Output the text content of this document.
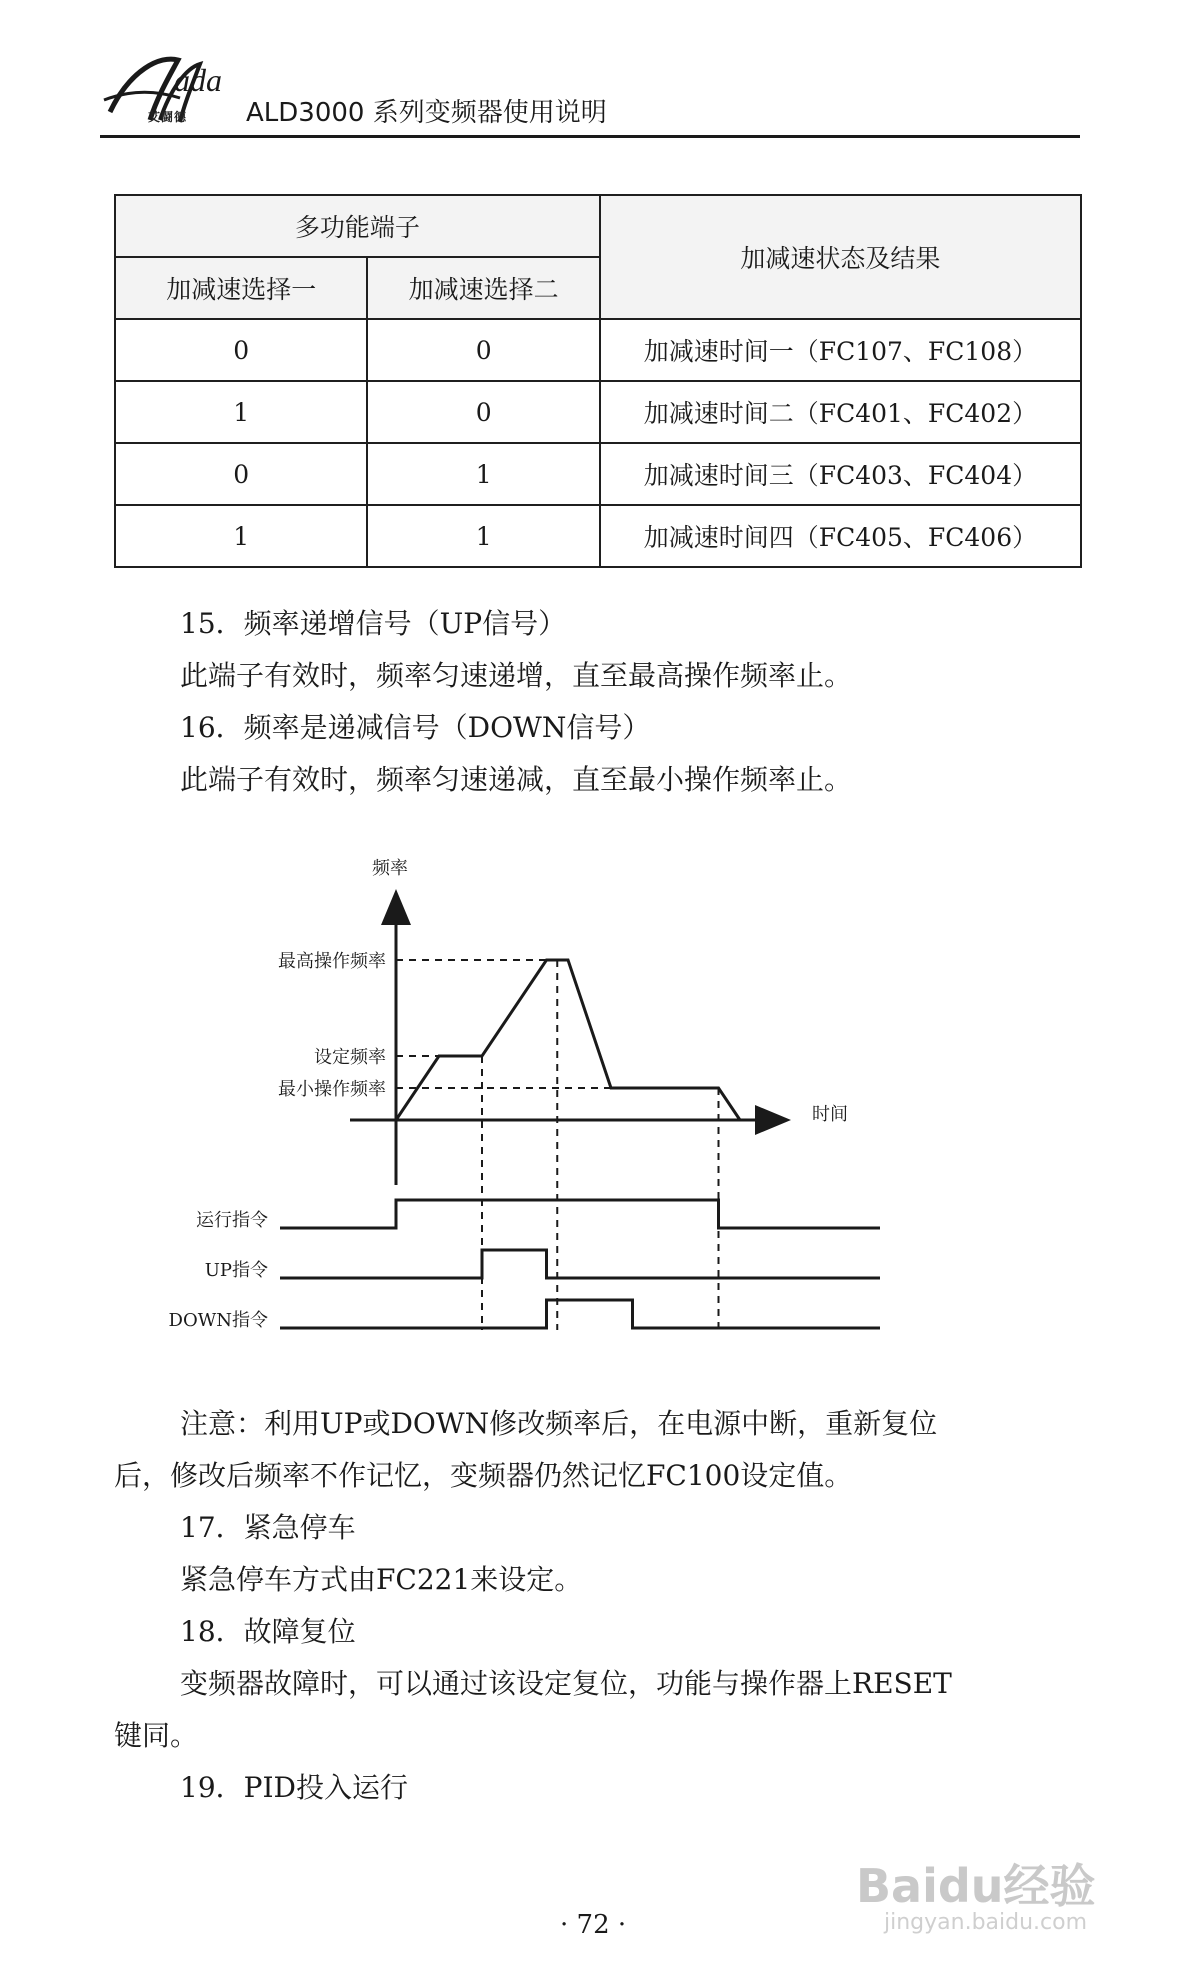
ada
艾闘德 ALD3000 系列变频器使用说明
多功能端子		加减速状态及结果
加减速选择一	加减速选择二	
0	0	加减速时间一（FC107、FC108）
1	0	加减速时间二（FC401、FC402）
0	1	加减速时间三（FC403、FC404）
1	1	加减速时间四（FC405、FC406）
15．频率递增信号（UP信号）
此端子有效时，频率匀速递增，直至最高操作频率止。
16．频率是递减信号（DOWN信号）
此端子有效时，频率匀速递减，直至最小操作频率止。
频率
时间
最高操作频率
设定频率
最小操作频率
运行指令
UP指令
DOWN指令
注意：利用UP或DOWN修改频率后，在电源中断，重新复位
后，修改后频率不作记忆，变频器仍然记忆FC100设定值。
17．紧急停车
紧急停车方式由FC221来设定。
18．故障复位
变频器故障时，可以通过该设定复位，功能与操作器上RESET
键同。
19．PID投入运行
· 72 ·
Baidu经验
jingyan.baidu.com
